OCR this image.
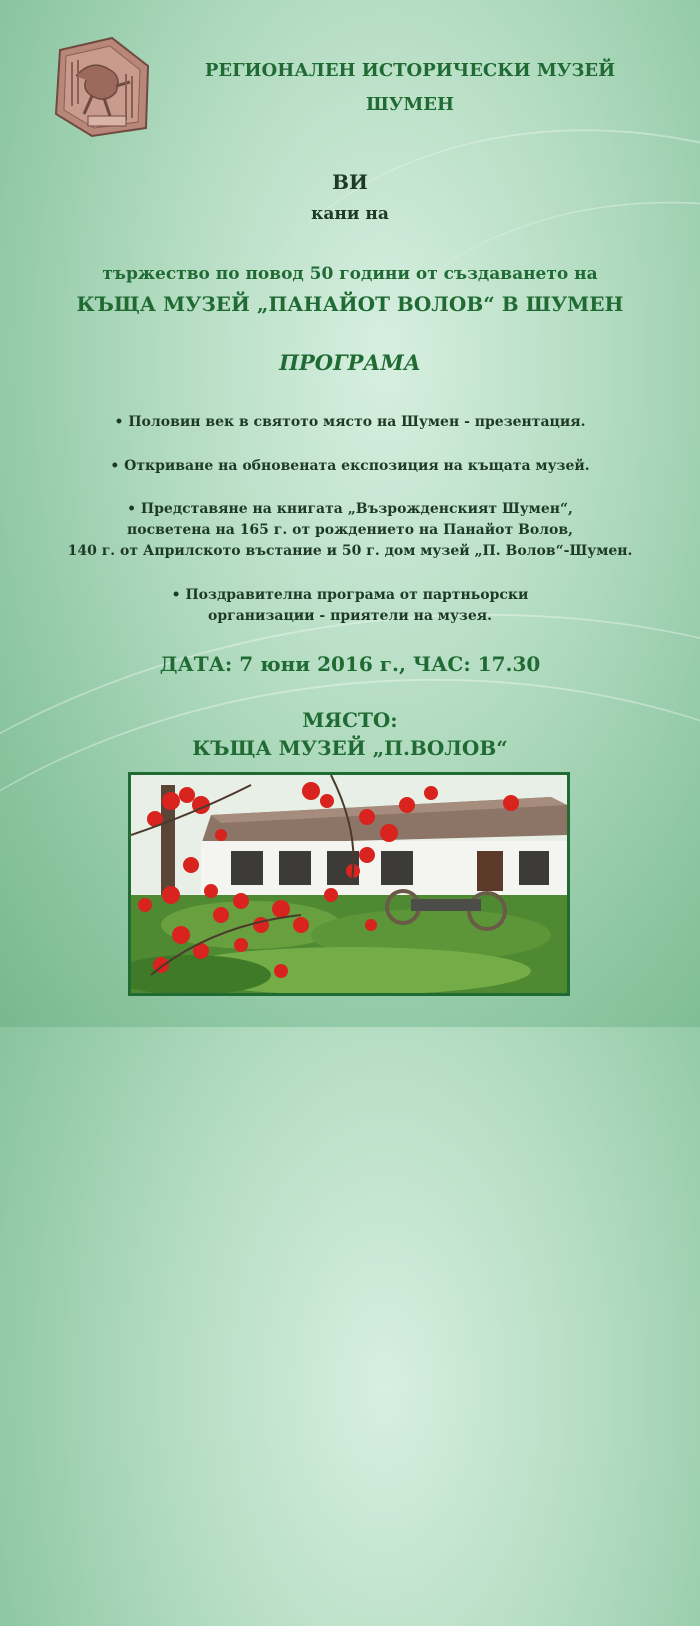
РЕГИОНАЛЕН ИСТОРИЧЕСКИ МУЗЕЙ
ШУМЕН
ВИ
кани на
тържество по повод 50 години от създаването на
КЪЩА МУЗЕЙ „ПАНАЙОТ ВОЛОВ“ В ШУМЕН
ПРОГРАМА
• Половин век в святото място на Шумен - презентация.
• Откриване на обновената експозиция на къщата музей.
• Представяне на книгата „Възрожденският Шумен“,
посветена на 165 г. от рождението на Панайот Волов,
140 г. от Априлското въстание и 50 г. дом музей „П. Волов“-Шумен.
• Поздравителна програма от партньорски
организации - приятели на музея.
ДАТА: 7 юни 2016 г., ЧАС: 17.30
МЯСТО:
КЪЩА МУЗЕЙ „П.ВОЛОВ“
